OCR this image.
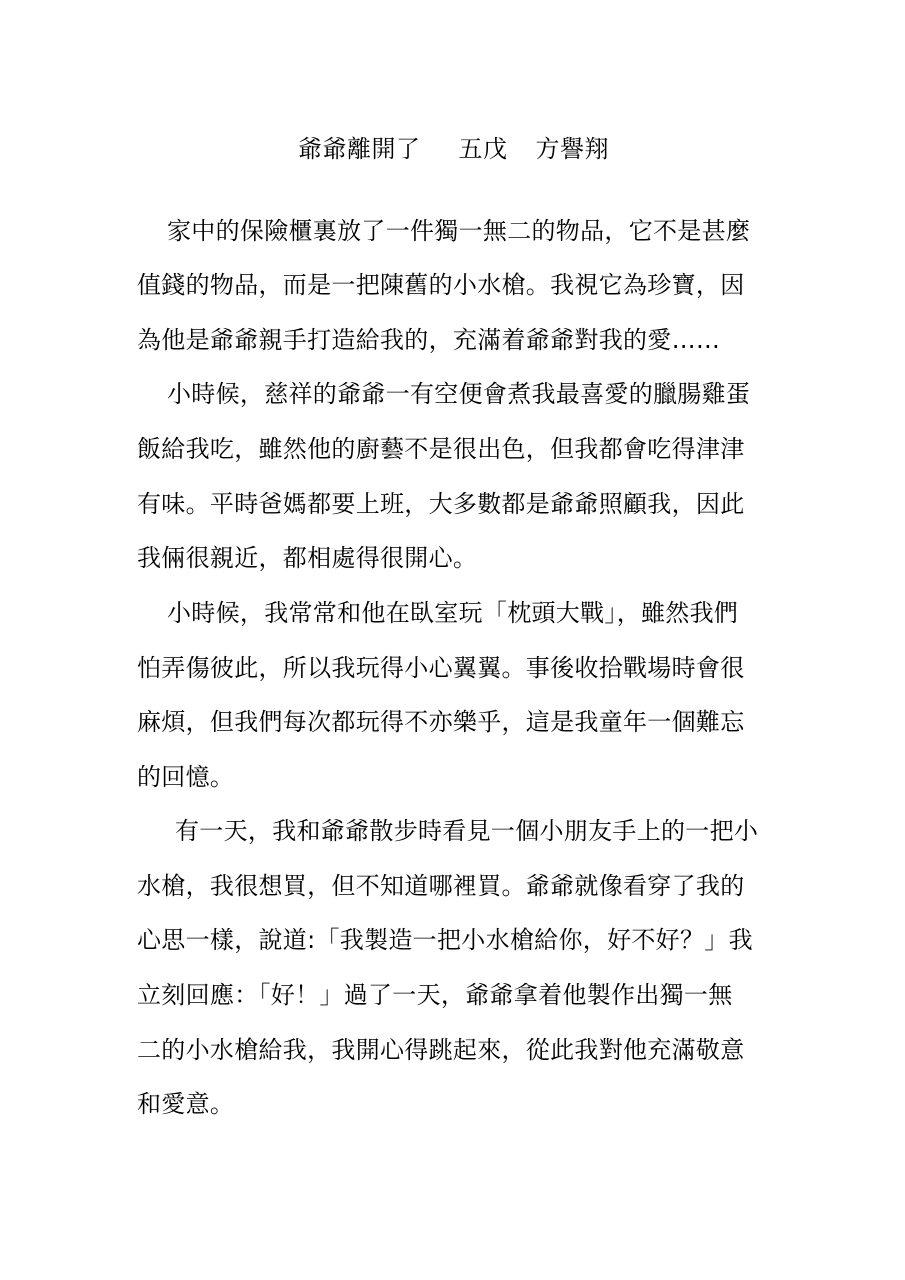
爺爺離開了 五戊 方譽翔
家中的保險櫃裏放了一件獨一無二的物品，它不是甚麼
值錢的物品，而是一把陳舊的小水槍。我視它為珍寶，因
為他是爺爺親手打造給我的，充滿着爺爺對我的愛……
小時候，慈祥的爺爺一有空便會煮我最喜愛的臘腸雞蛋
飯給我吃，雖然他的廚藝不是很出色，但我都會吃得津津
有味。平時爸媽都要上班，大多數都是爺爺照顧我，因此
我倆很親近，都相處得很開心。
小時候，我常常和他在臥室玩「枕頭大戰」，雖然我們
怕弄傷彼此，所以我玩得小心翼翼。事後收拾戰場時會很
麻煩，但我們每次都玩得不亦樂乎，這是我童年一個難忘
的回憶。
有一天，我和爺爺散步時看見一個小朋友手上的一把小
水槍，我很想買，但不知道哪裡買。爺爺就像看穿了我的
心思一樣，說道:「我製造一把小水槍給你，好不好？」我
立刻回應：「好！」過了一天，爺爺拿着他製作出獨一無
二的小水槍給我，我開心得跳起來，從此我對他充滿敬意
和愛意。
